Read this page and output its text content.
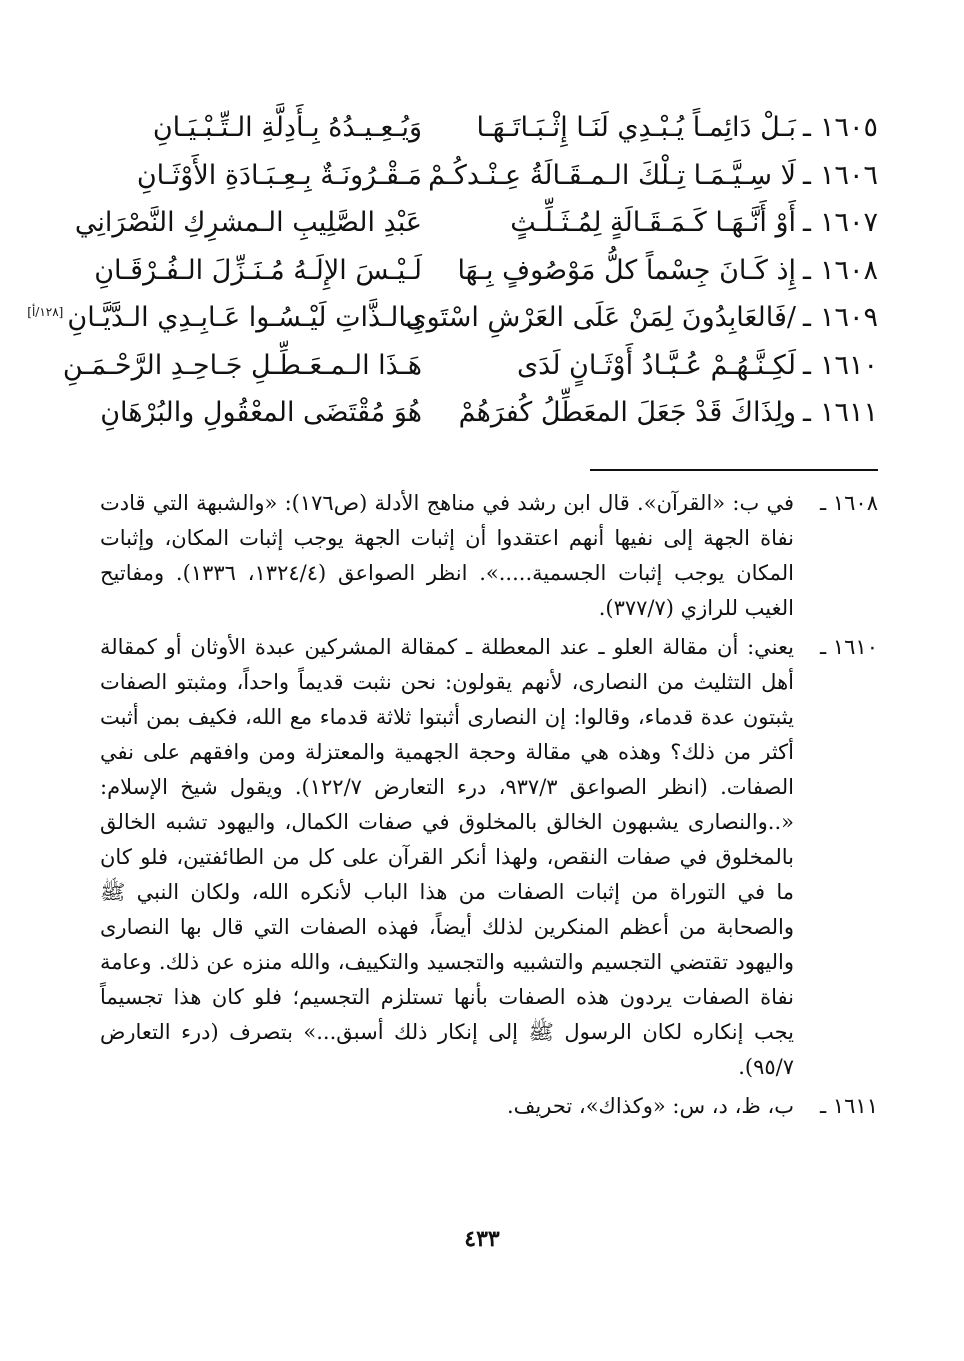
١٦٠٥
ـ
بَـلْ دَائِمـاً يُـبْـدِي لَنَـا إِثْـبَـاتَـهَـا
وَيُـعِـيـدُهُ بِـأَدِلَّةِ الـتِّـبْـيَـانِ
١٦٠٦
ـ
لَا سِـيَّـمَـا تِـلْكَ الـمـقَـالَةُ عِـنْـدكُـمْ
مَـقْـرُونَـةٌ بِـعِـبَـادَةِ الأَوْثَـانِ
١٦٠٧
ـ
أَوْ أَنَّـهَـا كَـمَـقَـالَةٍ لِمُـثَـلِّـثٍ
عَبْدِ الصَّلِيبِ الـمشرِكِ النَّصْرَانِي
١٦٠٨
ـ
إِذ كَـانَ جِسْماً كلُّ مَوْصُوفٍ بِـهَا
لَـيْـسَ الإِلَـهُ مُـنَـزِّلَ الـفُـرْقَـانِ
١٦٠٩
ـ
/فَالعَابِدُونَ لِمَنْ عَلَى العَرْشِ اسْتَوى
بِـالـذَّاتِ لَيْـسُـوا عَـابِـدِي الـدَّيَّـانِ[١٢٨/أ]
١٦١٠
ـ
لَكِـنَّـهُـمْ عُـبَّـادُ أَوْثَـانٍ لَدَى
هَـذَا الـمـعَـطِّـلِ جَـاحِـدِ الرَّحْـمَـنِ
١٦١١
ـ
ولِذَاكَ قَدْ جَعَلَ المعَطِّلُ كُفرَهُمْ
هُوَ مُقْتَضَى المعْقُولِ والبُرْهَانِ
١٦٠٨ ـ
في ب: «القرآن». قال ابن رشد في مناهج الأدلة (ص١٧٦): «والشبهة التي قادت نفاة الجهة إلى نفيها أنهم اعتقدوا أن إثبات الجهة يوجب إثبات المكان، وإثبات المكان يوجب إثبات الجسمية.....». انظر الصواعق (١٣٢٤/٤، ١٣٣٦). ومفاتيح الغيب للرازي (٣٧٧/٧).
١٦١٠ ـ
يعني: أن مقالة العلو ـ عند المعطلة ـ كمقالة المشركين عبدة الأوثان أو كمقالة أهل التثليث من النصارى، لأنهم يقولون: نحن نثبت قديماً واحداً، ومثبتو الصفات يثبتون عدة قدماء، وقالوا: إن النصارى أثبتوا ثلاثة قدماء مع الله، فكيف بمن أثبت أكثر من ذلك؟ وهذه هي مقالة وحجة الجهمية والمعتزلة ومن وافقهم على نفي الصفات. (انظر الصواعق ٩٣٧/٣، درء التعارض ١٢٢/٧). ويقول شيخ الإسلام: «..والنصارى يشبهون الخالق بالمخلوق في صفات الكمال، واليهود تشبه الخالق بالمخلوق في صفات النقص، ولهذا أنكر القرآن على كل من الطائفتين، فلو كان ما في التوراة من إثبات الصفات من هذا الباب لأنكره الله، ولكان النبي ﷺ والصحابة من أعظم المنكرين لذلك أيضاً، فهذه الصفات التي قال بها النصارى واليهود تقتضي التجسيم والتشبيه والتجسيد والتكييف، والله منزه عن ذلك. وعامة نفاة الصفات يردون هذه الصفات بأنها تستلزم التجسيم؛ فلو كان هذا تجسيماً يجب إنكاره لكان الرسول ﷺ إلى إنكار ذلك أسبق...» بتصرف (درء التعارض ٩٥/٧).
١٦١١ ـ
ب، ظ، د، س: «وكذاك»، تحريف.
٤٣٣
